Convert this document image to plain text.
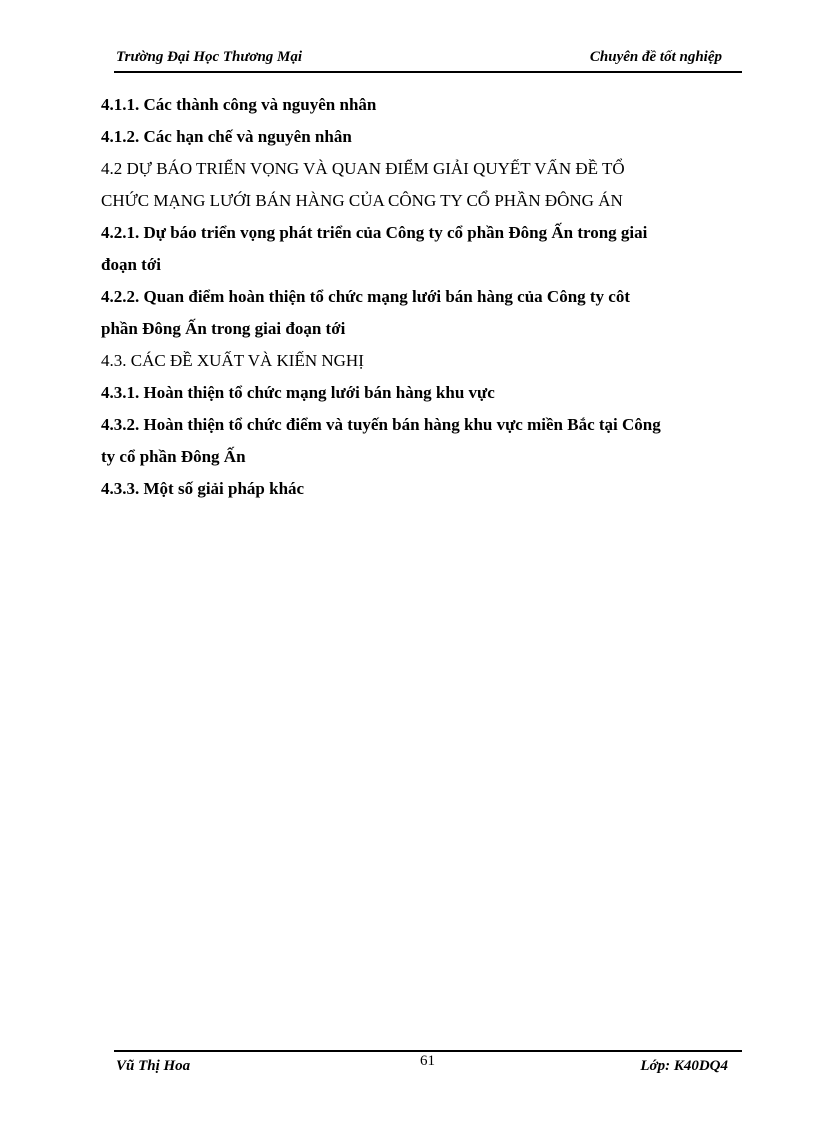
Trường Đại Học Thương Mại	Chuyên đề tốt nghiệp
4.1.1. Các thành công và nguyên nhân
4.1.2. Các hạn chế và nguyên nhân
4.2 DỰ BÁO TRIỂN VỌNG VÀ QUAN ĐIỂM GIẢI QUYẾT VẤN ĐỀ TỔ
CHỨC MẠNG LƯỚI BÁN HÀNG CỦA CÔNG TY CỔ PHẦN ĐÔNG ÁN
4.2.1. Dự báo triển vọng phát triển của Công ty cổ phần Đông Ấn trong giai
đoạn tới
4.2.2. Quan điểm hoàn thiện tổ chức mạng lưới bán hàng của Công ty côt
phần Đông Ấn trong giai đoạn tới
4.3. CÁC ĐỀ XUẤT VÀ KIẾN NGHỊ
4.3.1. Hoàn thiện tổ chức mạng lưới bán hàng khu vực
4.3.2. Hoàn thiện tổ chức điểm và tuyến bán hàng khu vực miền Bắc tại Công
ty cổ phần Đông Ấn
4.3.3. Một số giải pháp khác
Vũ Thị Hoa	61	Lớp: K40DQ4
